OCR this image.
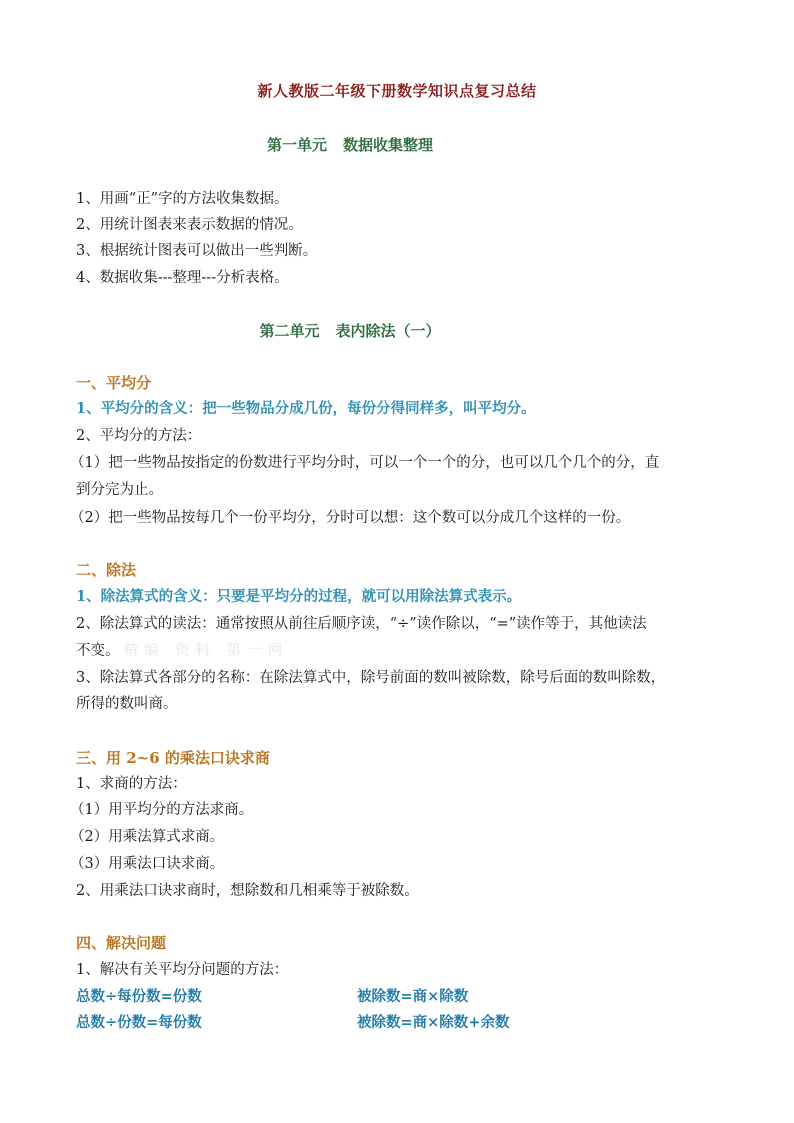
新人教版二年级下册数学知识点复习总结
第一单元 数据收集整理
1、用画“正”字的方法收集数据。
2、用统计图表来表示数据的情况。
3、根据统计图表可以做出一些判断。
4、数据收集---整理---分析表格。
第二单元 表内除法（一）
一、平均分
1、平均分的含义：把一些物品分成几份，每份分得同样多，叫平均分。
2、平均分的方法：
（1）把一些物品按指定的份数进行平均分时，可以一个一个的分，也可以几个几个的分，直
到分完为止。
（2）把一些物品按每几个一份平均分，分时可以想：这个数可以分成几个这样的一份。
二、除法
1、除法算式的含义：只要是平均分的过程，就可以用除法算式表示。
2、除法算式的读法：通常按照从前往后顺序读，“÷”读作除以，“=”读作等于，其他读法
不变。 精编 资料 第一网
3、除法算式各部分的名称：在除法算式中，除号前面的数叫被除数，除号后面的数叫除数，
所得的数叫商。
三、用 2~6 的乘法口诀求商
1、求商的方法：
（1）用平均分的方法求商。
（2）用乘法算式求商。
（3）用乘法口诀求商。
2、用乘法口诀求商时，想除数和几相乘等于被除数。
四、解决问题
1、解决有关平均分问题的方法：
总数÷每份数=份数	被除数=商×除数
总数÷份数=每份数	被除数=商×除数+余数
